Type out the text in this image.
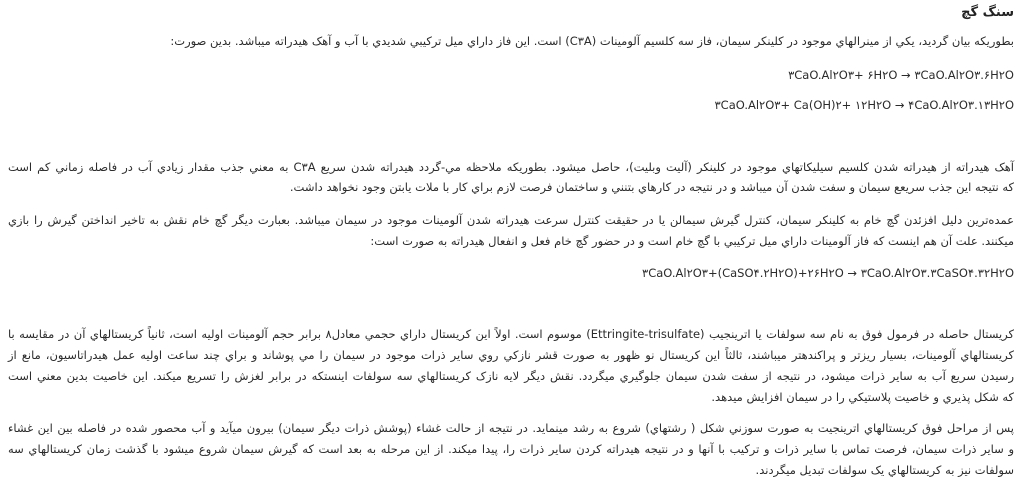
سنگ گچ
بطوريكه بيان گرديد، يكي از مينرالهاي موجود در كلينكر سيمان، فاز سه كلسيم آلومينات (C۳A) است. اين فاز داراي ميل تركيبي شديدي با آب و آهک هيدراته ميباشد. بدين صورت:
۳CaO.Al۲O۳+ ۶H۲O → ۳CaO.Al۲O۳.۶H۲O
۳CaO.Al۲O۳+ Ca(OH)۲+ ۱۲H۲O → ۴CaO.Al۲O۳.۱۳H۲O
آهک هيدراته از هيدراته شدن كلسيم سيليكاتهاي موجود در كلينكر (آليت وبليت)، حاصل ميشود. بطوريكه ملاحظه مي-گردد هيدراته شدن سريع C۳A به معني جذب مقدار زيادي آب در فاصله زماني كم است
كه نتيجه اين جذب سريعع سيمان و سفت شدن آن ميباشد و در نتيجه در كارهاي بتنني و ساختمان فرصت لازم براي كار با ملات يابتن وجود نخواهد داشت.
عمده‌ترين دليل افزئدن گچ خام به كلينكر سيمان، كنترل گيرش سيمالن يا در حقيقت كنترل سرعت هيدراته شدن آلومينات موجود در سيمان ميباشد. بعبارت ديگر گچ خام نقش به تاخير انداختن گيرش را بازي
ميكنند. علت آن هم اينست كه فاز آلومينات داراي ميل تركيبي با گچ خام است و در حضور گچ خام فعل و انفعال هيدراته به صورت است:
۳CaO.Al۲O۳+(CaSO۴.۲H۲O)+۲۶H۲O → ۳CaO.Al۲O۳.۳CaSO۴.۳۲H۲O
كريستال حاصله در فرمول فوق به نام سه سولفات يا اترينجيب (Ettringite-trisulfate) موسوم است. اولاً اين كريستال داراي حجمي معادل۸ برابر حجم آلومينات اوليه است، ثانياً كريستالهاي آن در مقايسه با
كريستالهاي آلومينات، بسيار ريزتر و پراكندهتر ميباشند، ثالثاً اين كريستال نو ظهور به صورت قشر نازكي روي ساير ذرات موجود در سيمان را مي پوشاند و براي چند ساعت اوليه عمل هيدراتاسيون، مانع از
رسيدن سريع آب به ساير ذرات ميشود، در نتيجه از سفت شدن سيمان جلوگيري ميگردد. نقش ديگر لايه نازک كريستالهاي سه سولفات اينستكه در برابر لغزش را تسريع ميكند. اين خاصيت بدين معني است
كه شكل پذيري و خاصيت پلاستيكي را در سيمان افزايش ميدهد.
پس از مراحل فوق كريستالهاي اترينجيت به صورت سوزني شكل ( رشتهاي) شروع به رشد مينمايد. در نتيجه از حالت غشاء (پوشش ذرات ديگر سيمان) بيرون ميآيد و آب محصور شده در فاصله بين اين غشاء
و ساير ذرات سيمان، فرصت تماس با ساير ذرات و تركيب با آنها و در نتيجه هيدراته كردن ساير ذرات را، پيدا ميكند. از اين مرحله به بعد است كه گيرش سيمان شروع ميشود با گذشت زمان كريستالهاي سه
سولفات نيز به كريستالهاي يک سولفات تبديل ميگردند.
